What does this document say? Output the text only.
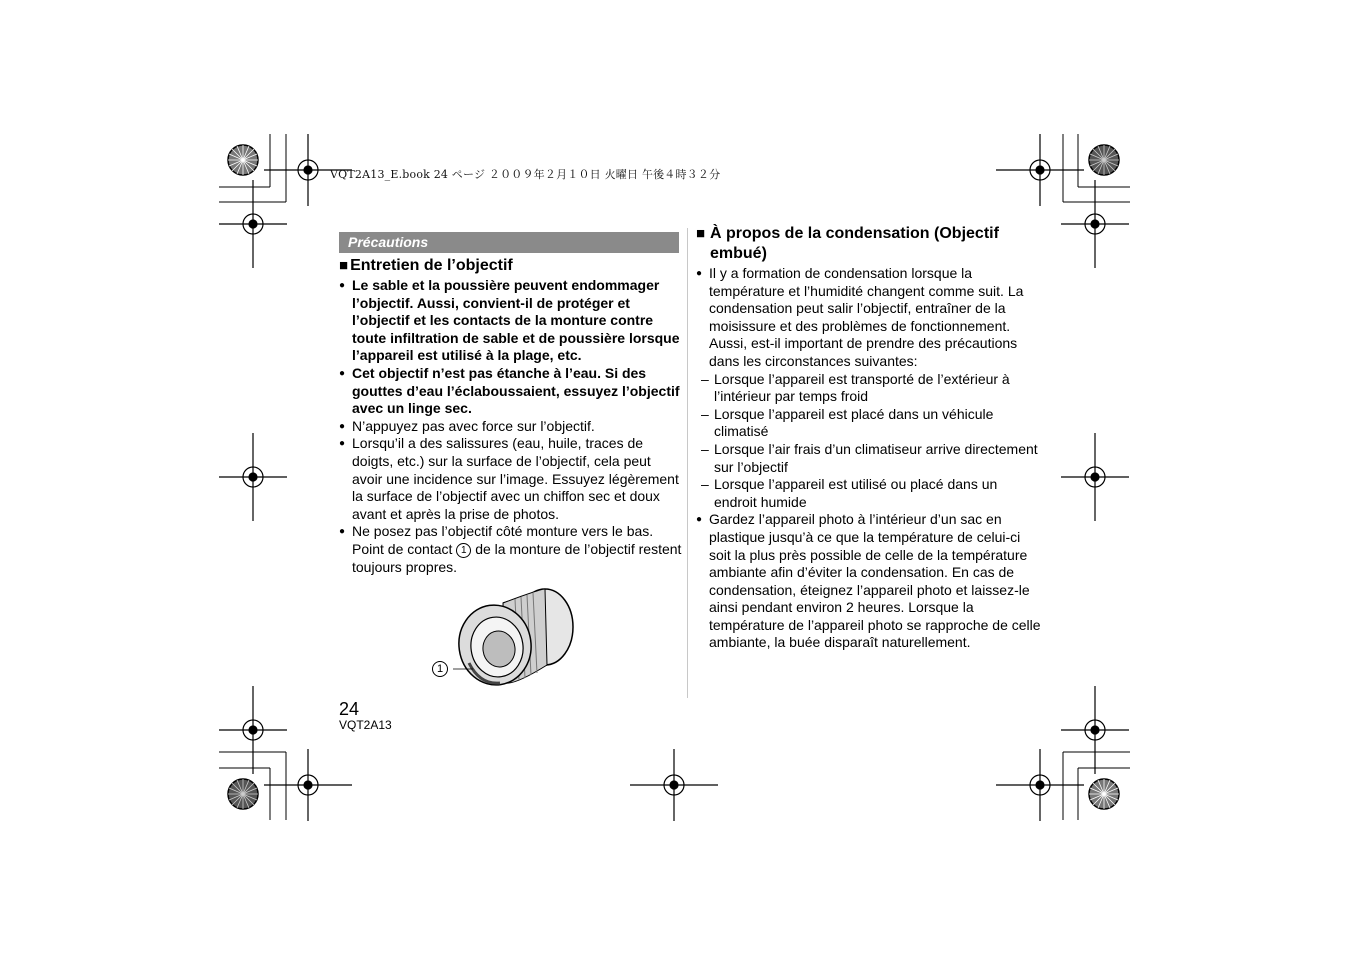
VQT2A13_E.book 24 ページ ２００９年２月１０日 火曜日 午後４時３２分
Précautions
■ Entretien de l’objectif
● Le sable et la poussière peuvent endommager l’objectif. Aussi, convient-il de protéger et l’objectif et les contacts de la monture contre toute infiltration de sable et de poussière lorsque l’appareil est utilisé à la plage, etc.
● Cet objectif n’est pas étanche à l’eau. Si des gouttes d’eau l’éclaboussaient, essuyez l’objectif avec un linge sec.
● N’appuyez pas avec force sur l’objectif.
● Lorsqu’il a des salissures (eau, huile, traces de doigts, etc.) sur la surface de l’objectif, cela peut avoir une incidence sur l’image. Essuyez légèrement la surface de l’objectif avec un chiffon sec et doux avant et après la prise de photos.
● Ne posez pas l’objectif côté monture vers le bas. Point de contact 1 de la monture de l’objectif restent toujours propres.
1
■ À propos de la condensation (Objectif embué)
● Il y a formation de condensation lorsque la température et l’humidité changent comme suit. La condensation peut salir l’objectif, entraîner de la moisissure et des problèmes de fonctionnement. Aussi, est-il important de prendre des précautions dans les circonstances suivantes:
– Lorsque l’appareil est transporté de l’extérieur à l’intérieur par temps froid
– Lorsque l’appareil est placé dans un véhicule climatisé
– Lorsque l’air frais d’un climatiseur arrive directement sur l’objectif
– Lorsque l’appareil est utilisé ou placé dans un endroit humide
● Gardez l’appareil photo à l’intérieur d’un sac en plastique jusqu’à ce que la température de celui-ci soit la plus près possible de celle de la température ambiante afin d’éviter la condensation. En cas de condensation, éteignez l’appareil photo et laissez-le ainsi pendant environ 2 heures. Lorsque la température de l’appareil photo se rapproche de celle ambiante, la buée disparaît naturellement.
24
VQT2A13
